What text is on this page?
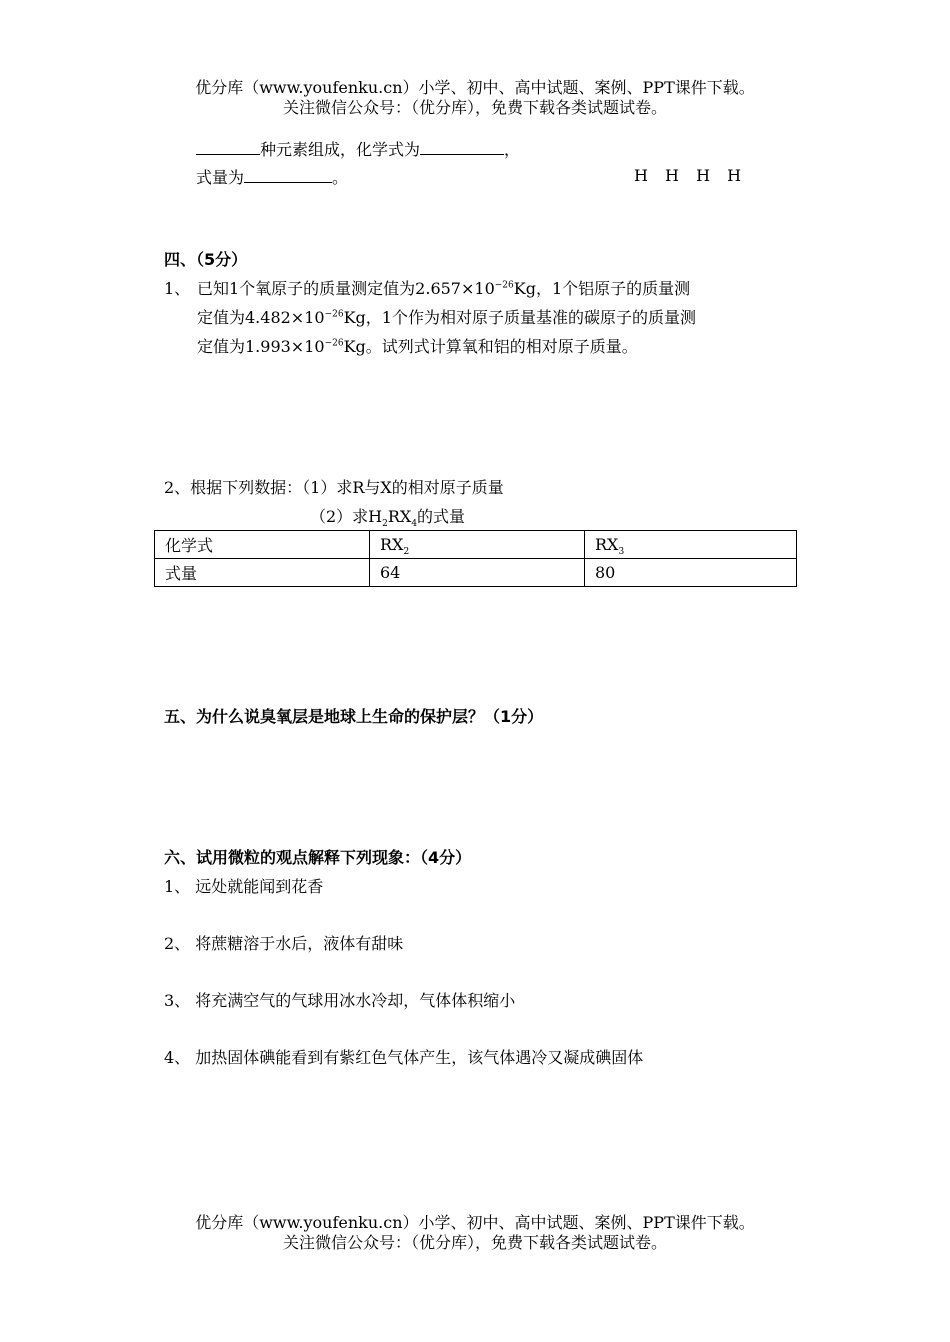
优分库（www.youfenku.cn）小学、初中、高中试题、案例、PPT课件下载。
关注微信公众号：（优分库），免费下载各类试题试卷。
种元素组成，化学式为	，
式量为	。	H H H H
四、（5分）
1、 已知1个氧原子的质量测定值为$2.657\times 10^{-26}Kg$，1个铝原子的质量测
定值为$4.482\times 10^{-26}Kg$，1个作为相对原子质量基准的碳原子的质量测
定值为$1.993\times 10^{-26}Kg$。试列式计算氧和铝的相对原子质量。
2、根据下列数据：（1）求R与X的相对原子质量
（2）求$H_2RX_4$的式量
化学式	$RX_2$	$RX_3$
式量	64	80
五、为什么说臭氧层是地球上生命的保护层？（1分）
六、试用微粒的观点解释下列现象：（4分）
1、 远处就能闻到花香
2、 将蔗糖溶于水后，液体有甜味
3、 将充满空气的气球用冰水冷却，气体体积缩小
4、 加热固体碘能看到有紫红色气体产生，该气体遇冷又凝成碘固体
优分库（www.youfenku.cn）小学、初中、高中试题、案例、PPT课件下载。
关注微信公众号：（优分库），免费下载各类试题试卷。
